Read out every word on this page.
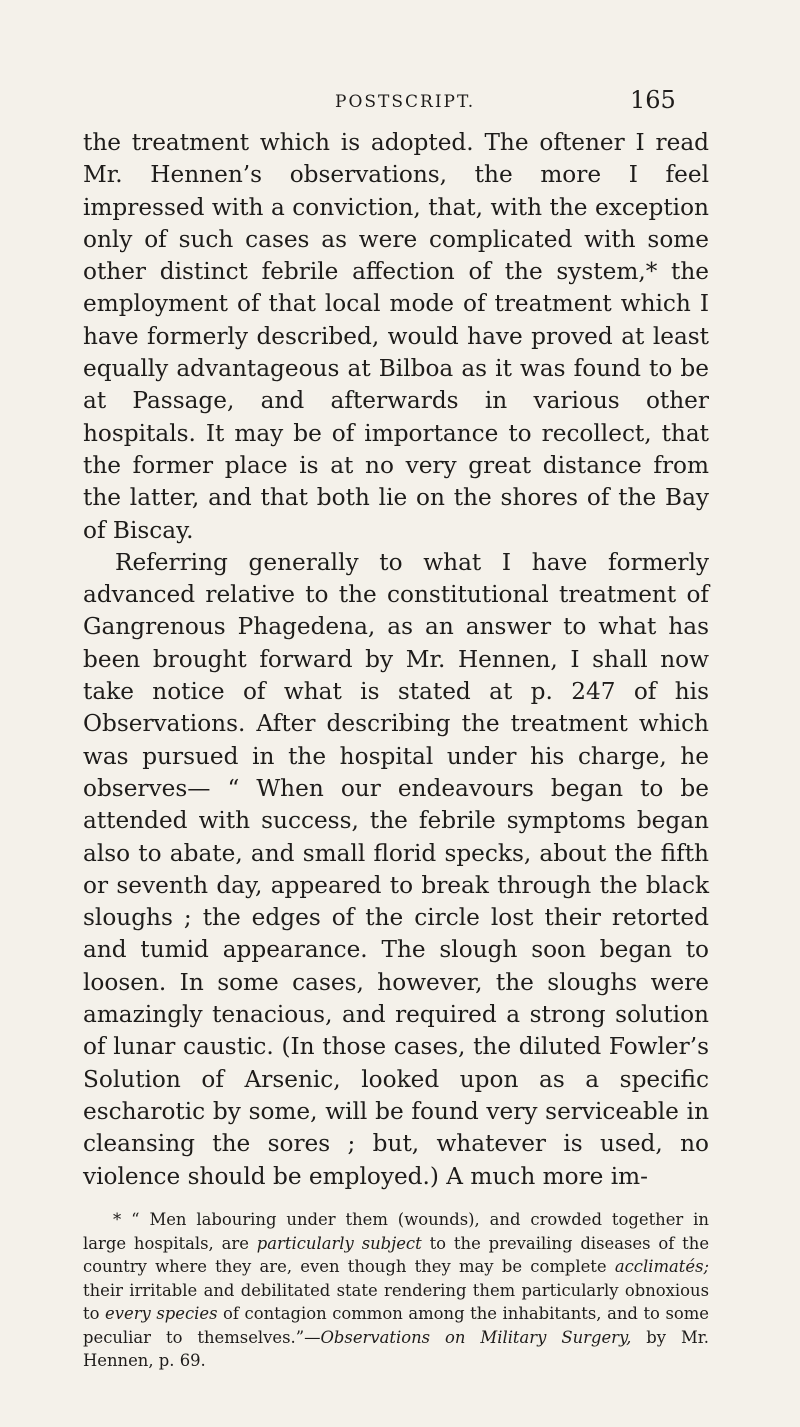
POSTSCRIPT.	165

the treatment which is adopted. The oftener I read Mr. Hennen’s observations, the more I feel impressed with a conviction, that, with the exception only of such cases as were complicated with some other distinct febrile affection of the system,* the employment of that local mode of treatment which I have formerly described, would have proved at least equally advantageous at Bilboa as it was found to be at Passage, and afterwards in various other hospitals. It may be of importance to recollect, that the former place is at no very great distance from the latter, and that both lie on the shores of the Bay of Biscay.

Referring generally to what I have formerly advanced relative to the constitutional treatment of Gangrenous Phagedena, as an answer to what has been brought forward by Mr. Hennen, I shall now take notice of what is stated at p. 247 of his Observations. After describing the treatment which was pursued in the hospital under his charge, he observes— “ When our endeavours began to be attended with success, the febrile symptoms began also to abate, and small florid specks, about the fifth or seventh day, appeared to break through the black sloughs ; the edges of the circle lost their retorted and tumid appearance. The slough soon began to loosen. In some cases, however, the sloughs were amazingly tenacious, and required a strong solution of lunar caustic. (In those cases, the diluted Fowler’s Solution of Arsenic, looked upon as a specific escharotic by some, will be found very serviceable in cleansing the sores ; but, whatever is used, no violence should be employed.) A much more im-

* “ Men labouring under them (wounds), and crowded together in large hospitals, are particularly subject to the prevailing diseases of the country where they are, even though they may be complete acclimatés; their irritable and debilitated state rendering them particularly obnoxious to every species of contagion common among the inhabitants, and to some peculiar to themselves.”—Observations on Military Surgery, by Mr. Hennen, p. 69.
